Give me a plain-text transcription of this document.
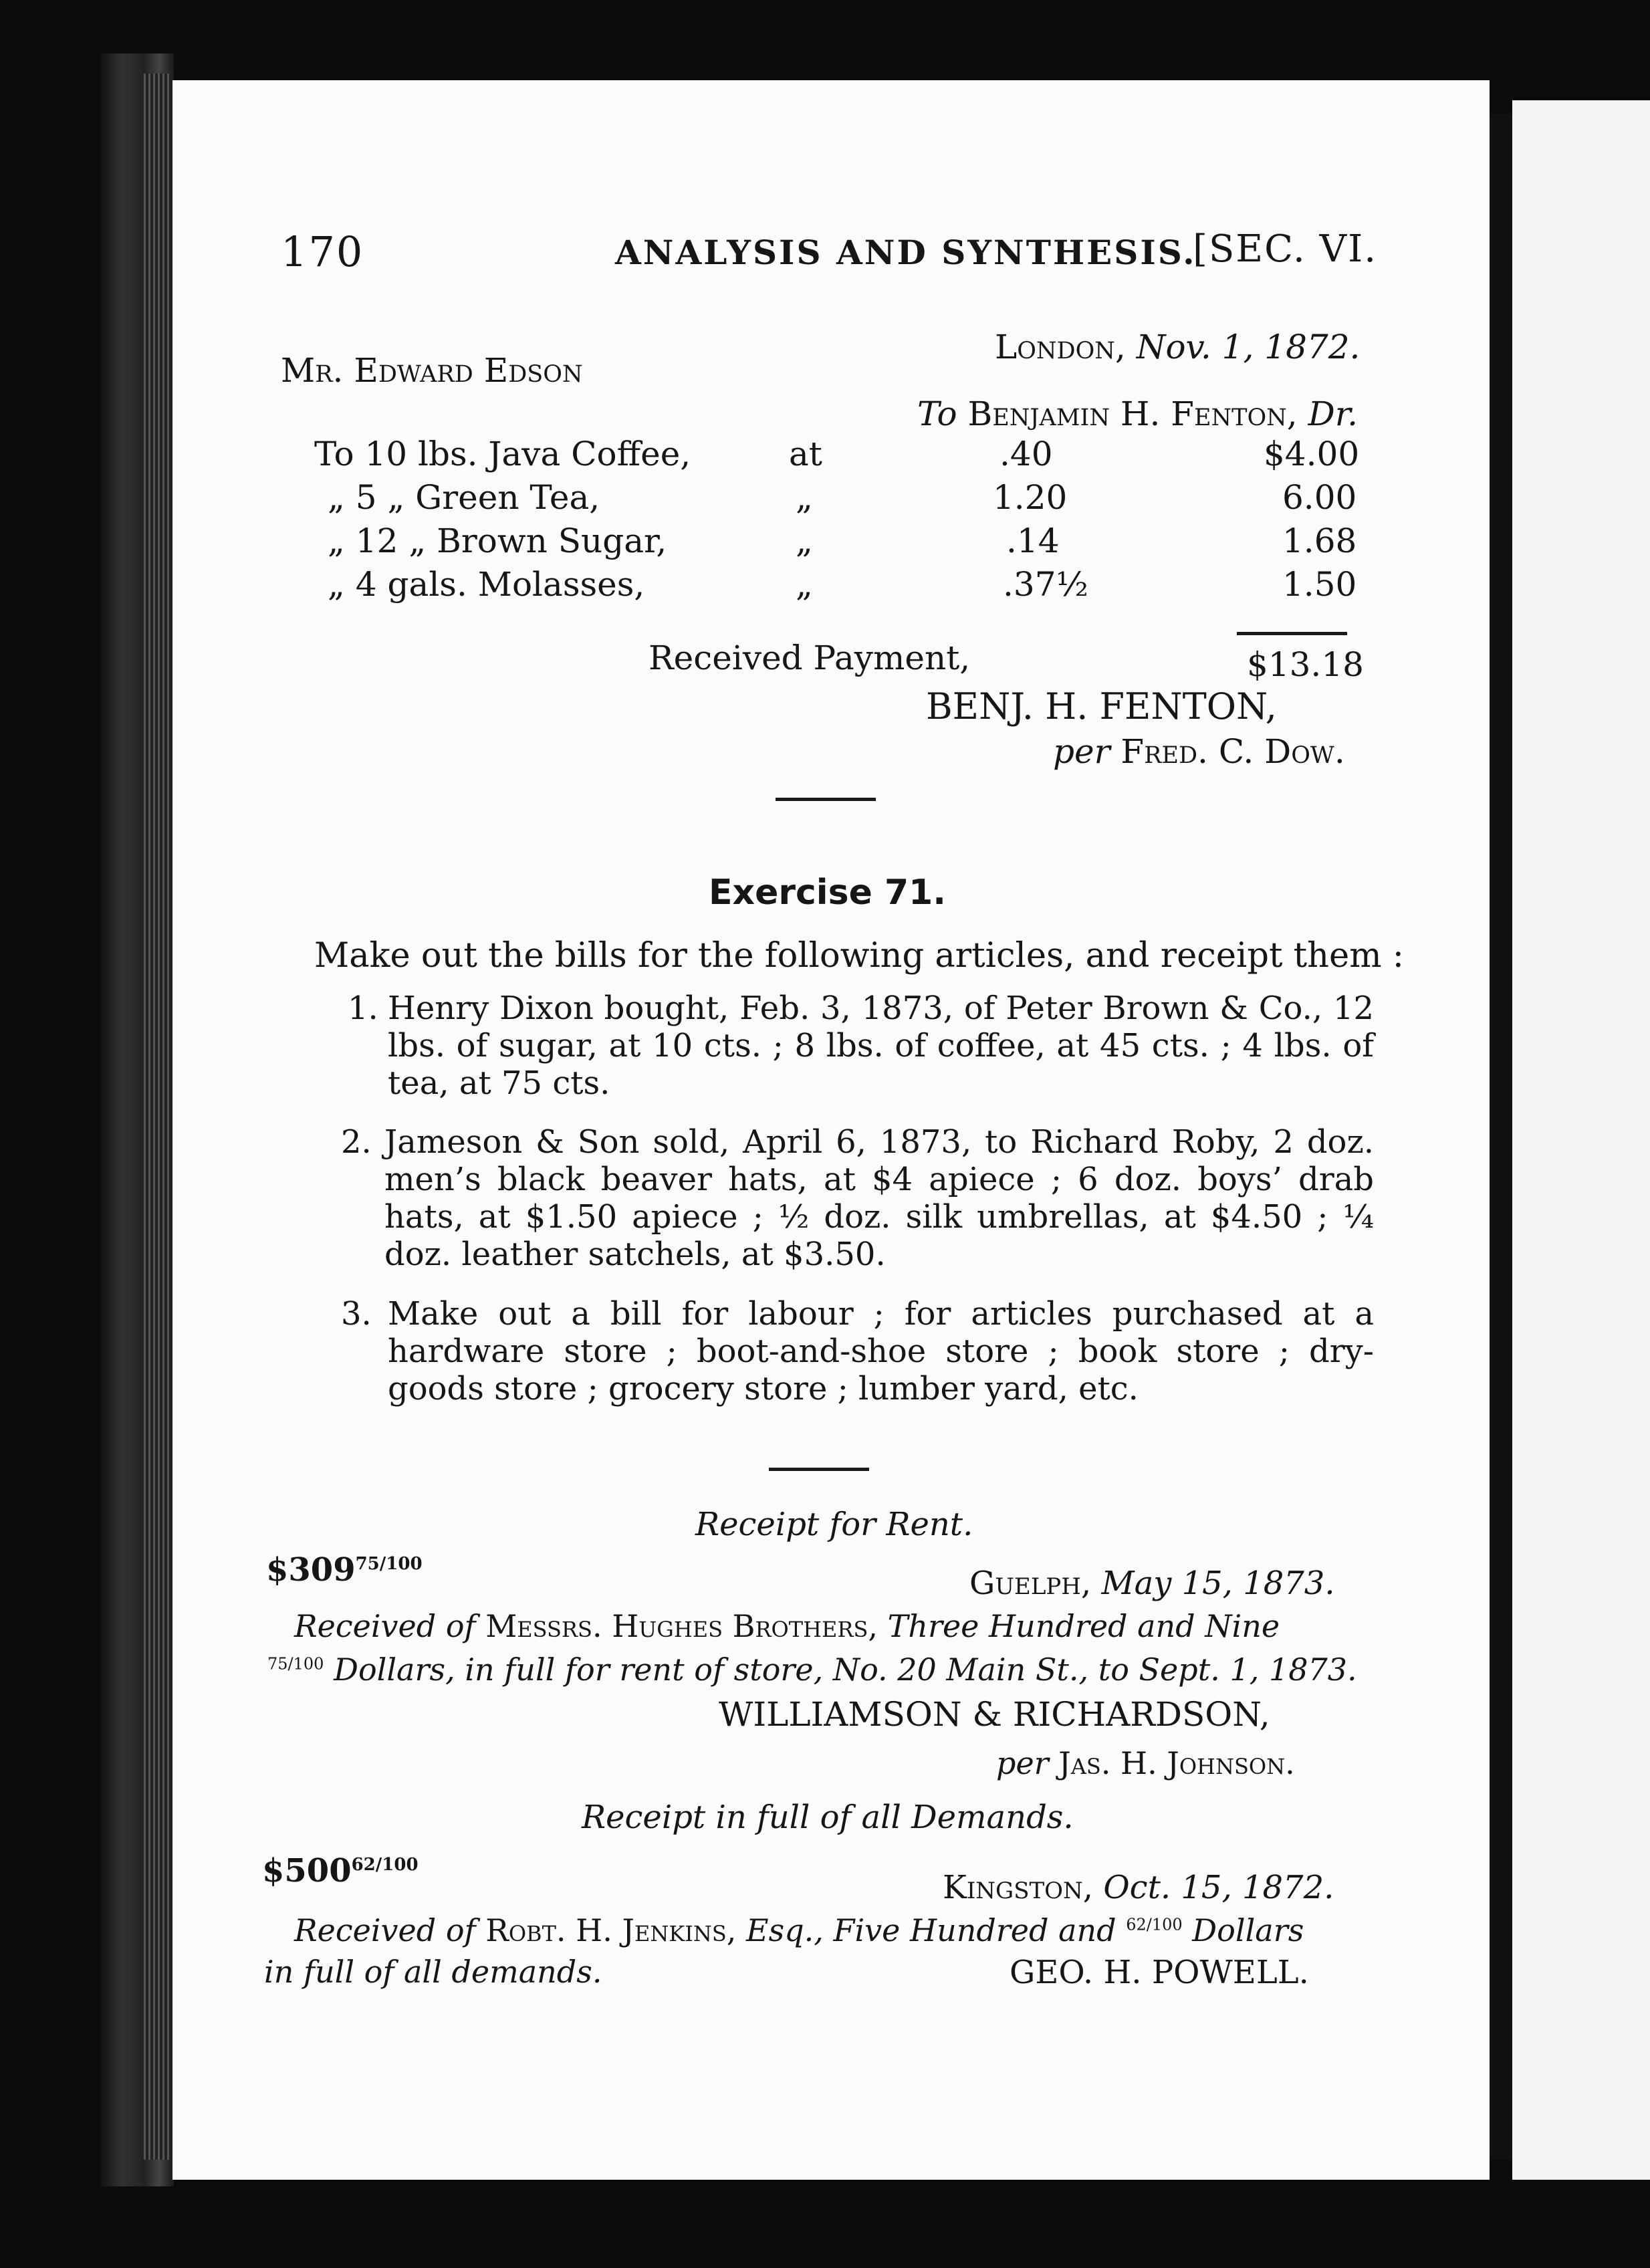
170	ANALYSIS AND SYNTHESIS.
[SEC. VI.
London, Nov. 1, 1872.
Mr. Edward Edson
To Benjamin H. Fenton, Dr.
To 10 lbs. Java Coffee,	at	.40	$4.00
„ 5 „ Green Tea,	„	1.20	6.00
„ 12 „ Brown Sugar,	„	.14	1.68
„ 4 gals. Molasses,	„	.37½	1.50
Received Payment,	$13.18
BENJ. H. FENTON,
per Fred. C. Dow.
Exercise 71.
Make out the bills for the following articles, and receipt them :
1. Henry Dixon bought, Feb. 3, 1873, of Peter Brown & Co., 12 lbs. of sugar, at 10 cts. ; 8 lbs. of coffee, at 45 cts. ; 4 lbs. of tea, at 75 cts.
2. Jameson & Son sold, April 6, 1873, to Richard Roby, 2 doz. men’s black beaver hats, at $4 apiece ; 6 doz. boys’ drab hats, at $1.50 apiece ; ½ doz. silk umbrellas, at $4.50 ; ¼ doz. leather satchels, at $3.50.
3. Make out a bill for labour ; for articles purchased at a hardware store ; boot-and-shoe store ; book store ; dry-goods store ; grocery store ; lumber yard, etc.
Receipt for Rent.
$\$309^{75/100}$
Guelph, May 15, 1873.
Received of Messrs. Hughes Brothers, Three Hundred and Nine
$^{75/100}$ Dollars, in full for rent of store, No. 20 Main St., to Sept. 1, 1873.
WILLIAMSON & RICHARDSON,
per Jas. H. Johnson.
Receipt in full of all Demands.
$\$500^{62/100}$
Kingston, Oct. 15, 1872.
Received of Robt. H. Jenkins, Esq., Five Hundred and $^{62/100}$ Dollars
in full of all demands.	GEO. H. POWELL.
